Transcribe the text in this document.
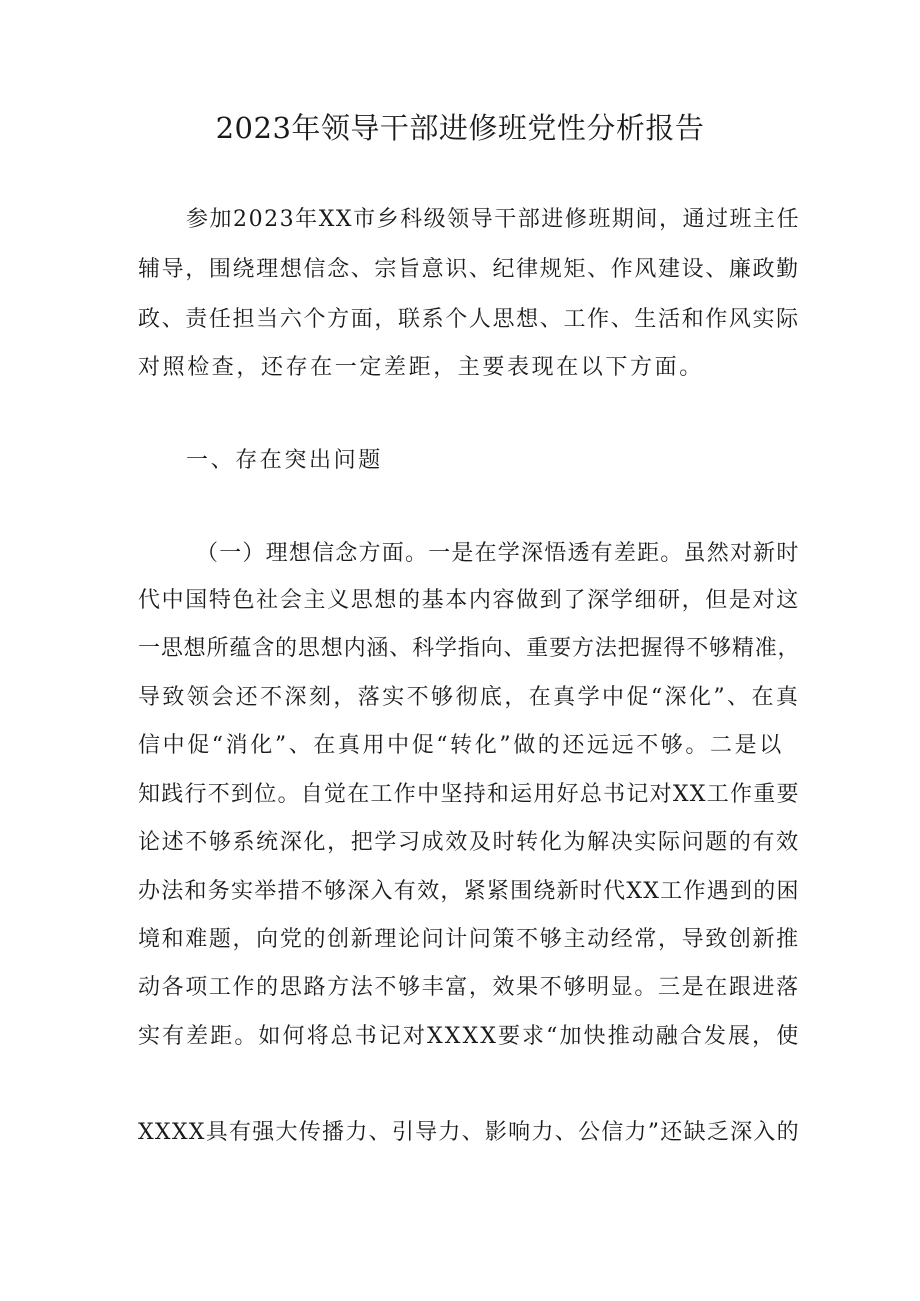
2023年领导干部进修班党性分析报告
参加2023年XX市乡科级领导干部进修班期间，通过班主任
辅导，围绕理想信念、宗旨意识、纪律规矩、作风建设、廉政勤
政、责任担当六个方面，联系个人思想、工作、生活和作风实际
对照检查，还存在一定差距，主要表现在以下方面。
一、存在突出问题
（一）理想信念方面。一是在学深悟透有差距。虽然对新时
代中国特色社会主义思想的基本内容做到了深学细研，但是对这
一思想所蕴含的思想内涵、科学指向、重要方法把握得不够精准，
导致领会还不深刻，落实不够彻底，在真学中促“深化”、在真
信中促“消化”、在真用中促“转化”做的还远远不够。二是以
知践行不到位。自觉在工作中坚持和运用好总书记对XX工作重要
论述不够系统深化，把学习成效及时转化为解决实际问题的有效
办法和务实举措不够深入有效，紧紧围绕新时代XX工作遇到的困
境和难题，向党的创新理论问计问策不够主动经常，导致创新推
动各项工作的思路方法不够丰富，效果不够明显。三是在跟进落
实有差距。如何将总书记对XXXX要求“加快推动融合发展，使
XXXX具有强大传播力、引导力、影响力、公信力”还缺乏深入的
